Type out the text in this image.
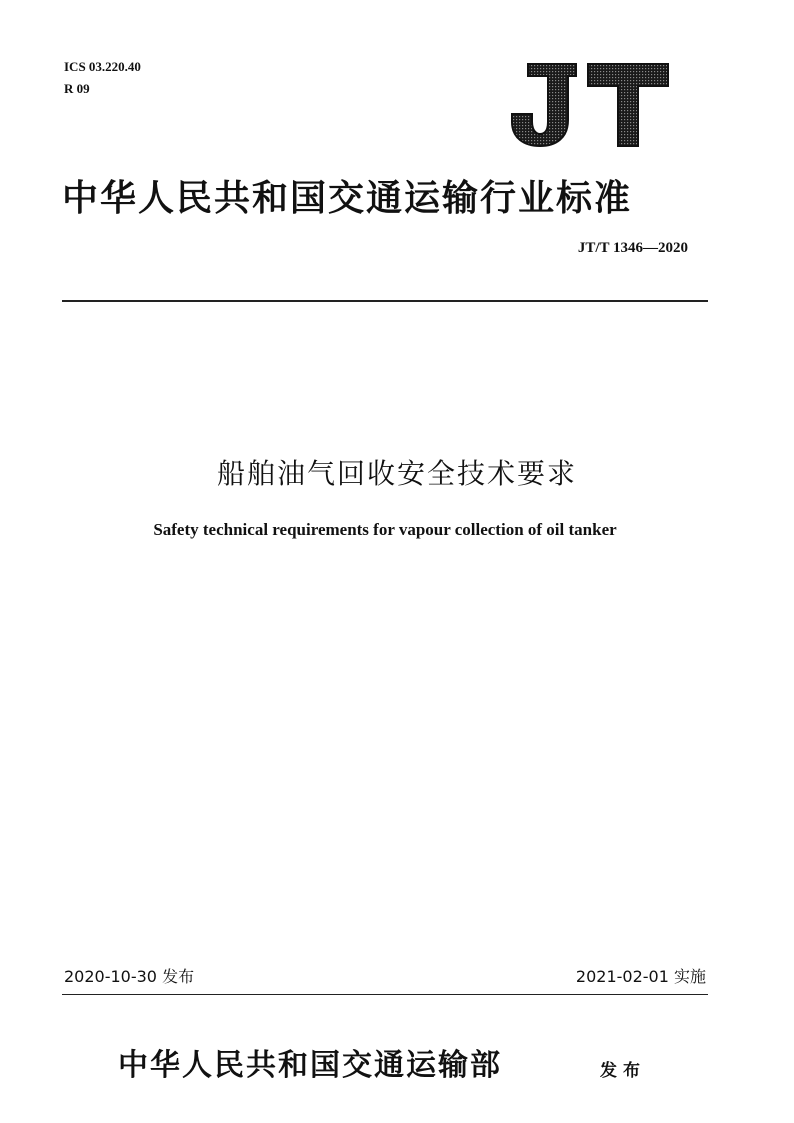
ICS 03.220.40
R 09
中华人民共和国交通运输行业标准
JT/T 1346—2020
船舶油气回收安全技术要求
Safety technical requirements for vapour collection of oil tanker
2020-10-30 发布	2021-02-01 实施
中华人民共和国交通运输部	发布
